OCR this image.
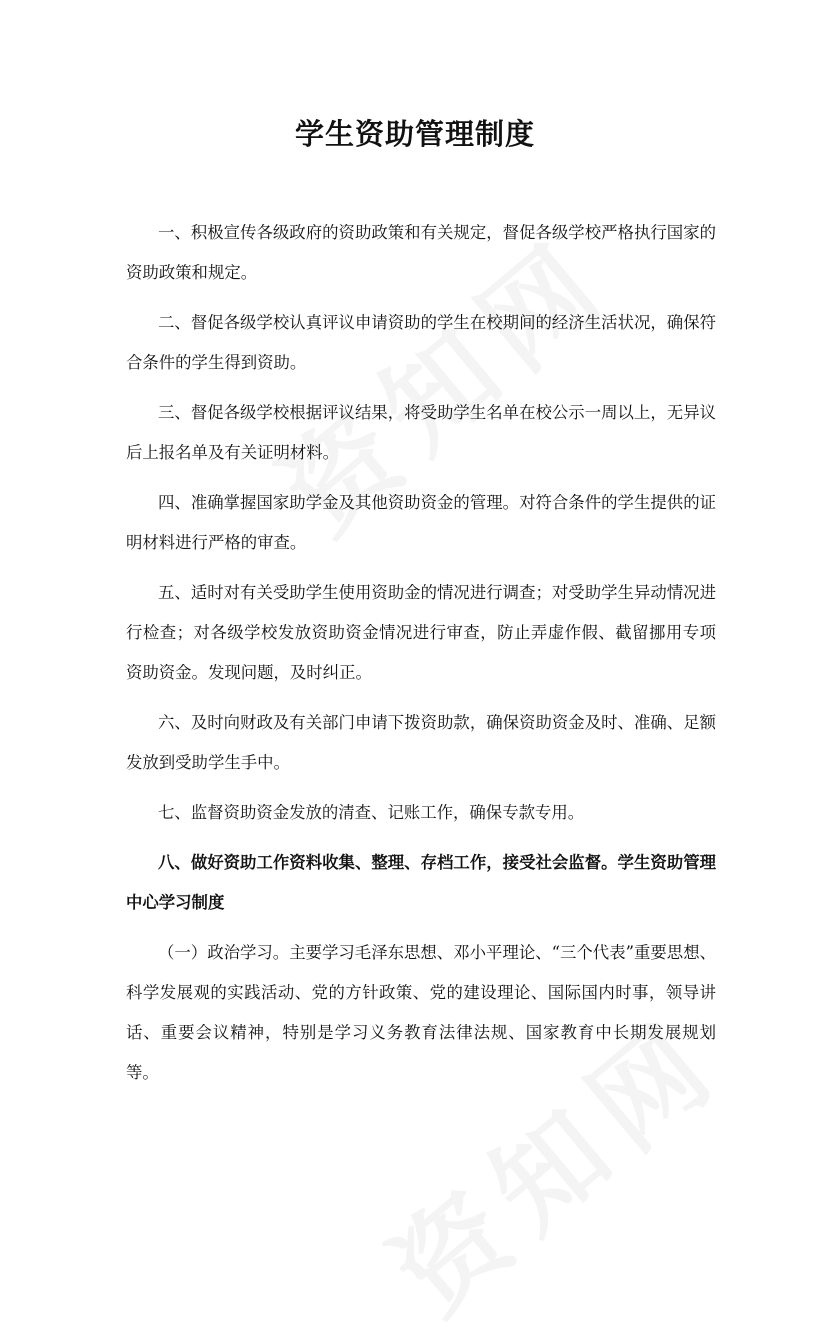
学生资助管理制度

一、积极宣传各级政府的资助政策和有关规定，督促各级学校严格执行国家的资助政策和规定。

二、督促各级学校认真评议申请资助的学生在校期间的经济生活状况，确保符合条件的学生得到资助。

三、督促各级学校根据评议结果，将受助学生名单在校公示一周以上，无异议后上报名单及有关证明材料。

四、准确掌握国家助学金及其他资助资金的管理。对符合条件的学生提供的证明材料进行严格的审查。

五、适时对有关受助学生使用资助金的情况进行调查；对受助学生异动情况进行检查；对各级学校发放资助资金情况进行审查，防止弄虚作假、截留挪用专项资助资金。发现问题，及时纠正。

六、及时向财政及有关部门申请下拨资助款，确保资助资金及时、准确、足额发放到受助学生手中。

七、监督资助资金发放的清查、记账工作，确保专款专用。

八、做好资助工作资料收集、整理、存档工作，接受社会监督。学生资助管理中心学习制度

（一）政治学习。主要学习毛泽东思想、邓小平理论、“三个代表”重要思想、科学发展观的实践活动、党的方针政策、党的建设理论、国际国内时事，领导讲话、重要会议精神，特别是学习义务教育法律法规、国家教育中长期发展规划等。
